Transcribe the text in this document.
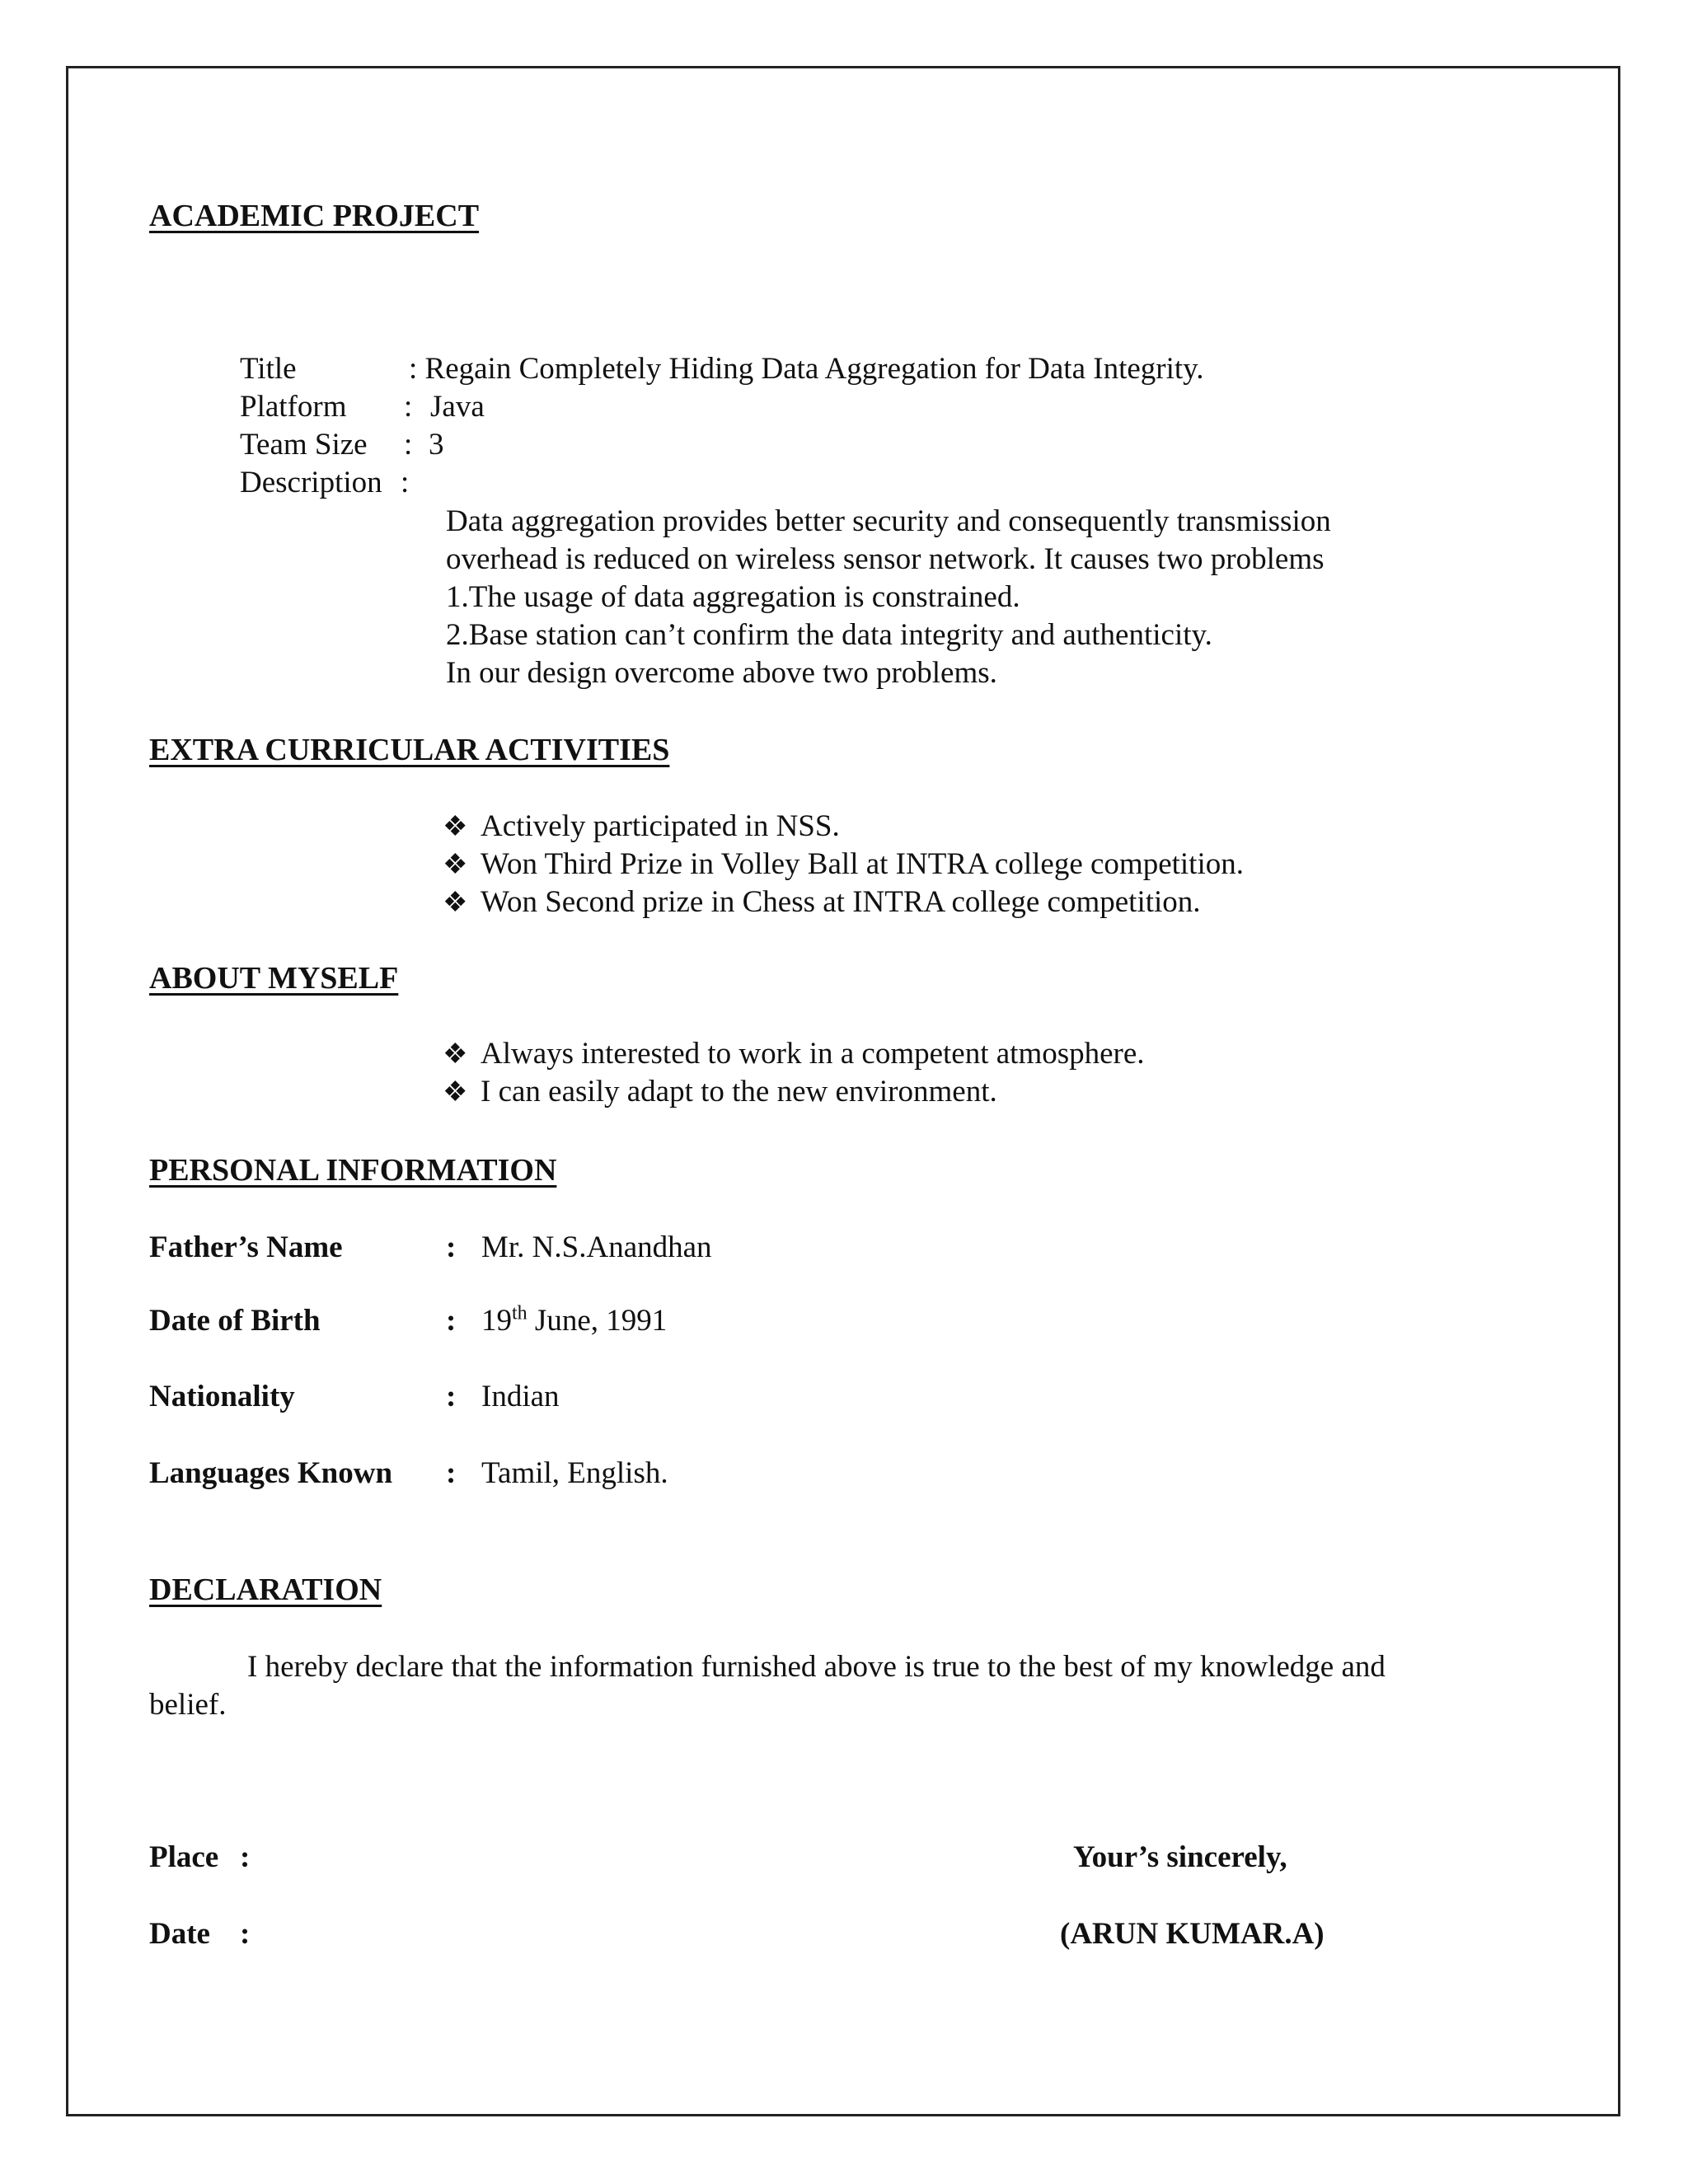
ACADEMIC PROJECT
Title	: Regain Completely Hiding Data Aggregation for Data Integrity.
Platform : Java
Team Size : 3
Description :
Data aggregation provides better security and consequently transmission
overhead is reduced on wireless sensor network. It causes two problems
1.The usage of data aggregation is constrained.
2.Base station can’t confirm the data integrity and authenticity.
In our design overcome above two problems.
EXTRA CURRICULAR ACTIVITIES
❖ Actively participated in NSS.
❖ Won Third Prize in Volley Ball at INTRA college competition.
❖ Won Second prize in Chess at INTRA college competition.
ABOUT MYSELF
❖ Always interested to work in a competent atmosphere.
❖ I can easily adapt to the new environment.
PERSONAL INFORMATION
Father’s Name	: Mr. N.S.Anandhan
Date of Birth	: 19th June, 1991
Nationality	: Indian
Languages Known : Tamil, English.
DECLARATION
I hereby declare that the information furnished above is true to the best of my knowledge and
belief.
Place :	Your’s sincerely,
Date :	(ARUN KUMAR.A)
